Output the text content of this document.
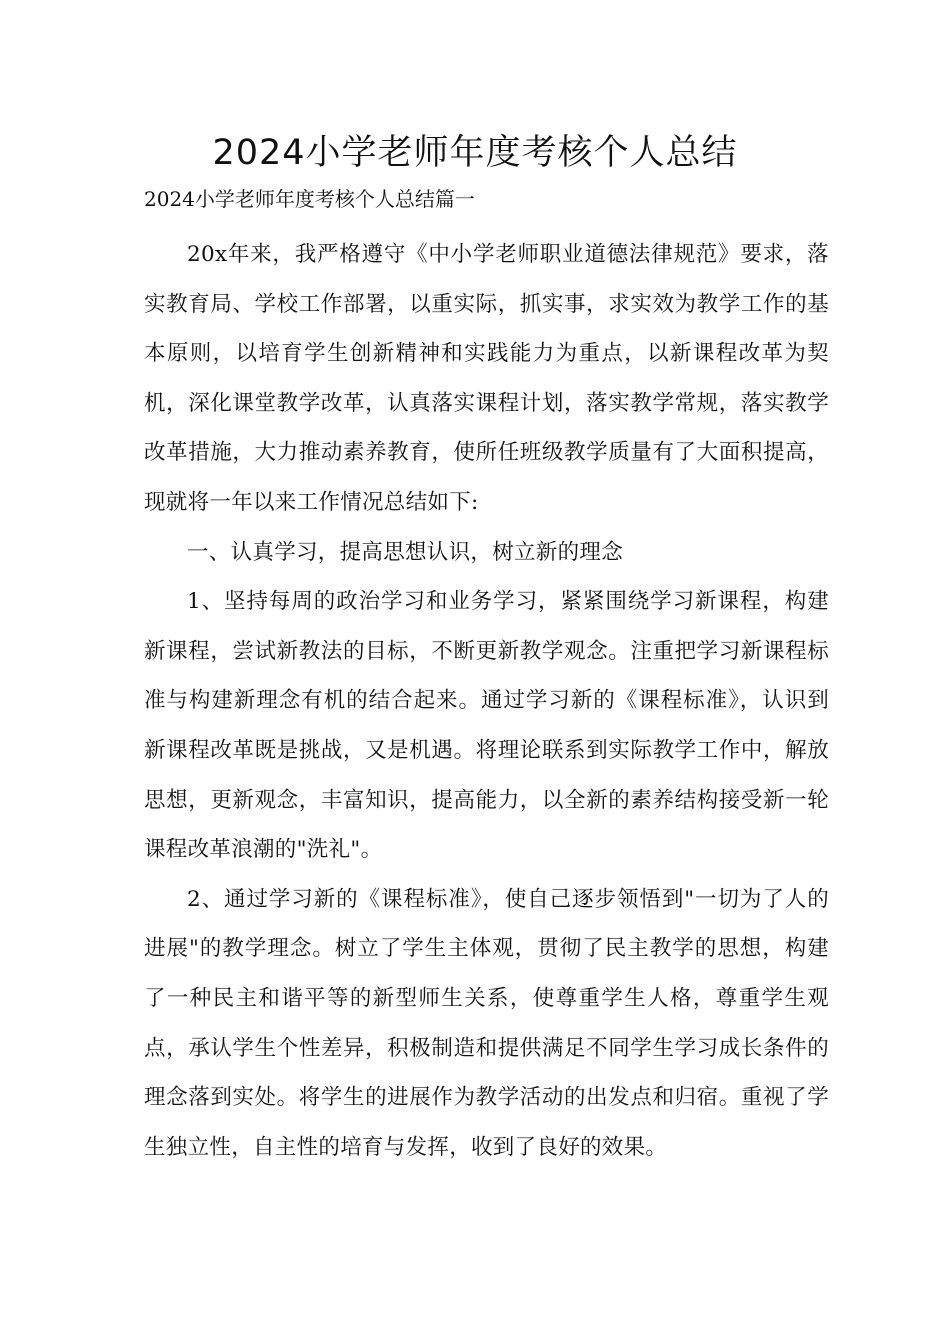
2024小学老师年度考核个人总结

2024小学老师年度考核个人总结篇一

20x年来，我严格遵守《中小学老师职业道德法律规范》要求，落实教育局、学校工作部署，以重实际，抓实事，求实效为教学工作的基本原则，以培育学生创新精神和实践能力为重点，以新课程改革为契机，深化课堂教学改革，认真落实课程计划，落实教学常规，落实教学改革措施，大力推动素养教育，使所任班级教学质量有了大面积提高，现就将一年以来工作情况总结如下:

一、认真学习，提高思想认识，树立新的理念

1、坚持每周的政治学习和业务学习，紧紧围绕学习新课程，构建新课程，尝试新教法的目标，不断更新教学观念。注重把学习新课程标准与构建新理念有机的结合起来。通过学习新的《课程标准》，认识到新课程改革既是挑战，又是机遇。将理论联系到实际教学工作中，解放思想，更新观念，丰富知识，提高能力，以全新的素养结构接受新一轮课程改革浪潮的"洗礼"。

2、通过学习新的《课程标准》，使自己逐步领悟到"一切为了人的进展"的教学理念。树立了学生主体观，贯彻了民主教学的思想，构建了一种民主和谐平等的新型师生关系，使尊重学生人格，尊重学生观点，承认学生个性差异，积极制造和提供满足不同学生学习成长条件的理念落到实处。将学生的进展作为教学活动的出发点和归宿。重视了学生独立性，自主性的培育与发挥，收到了良好的效果。
